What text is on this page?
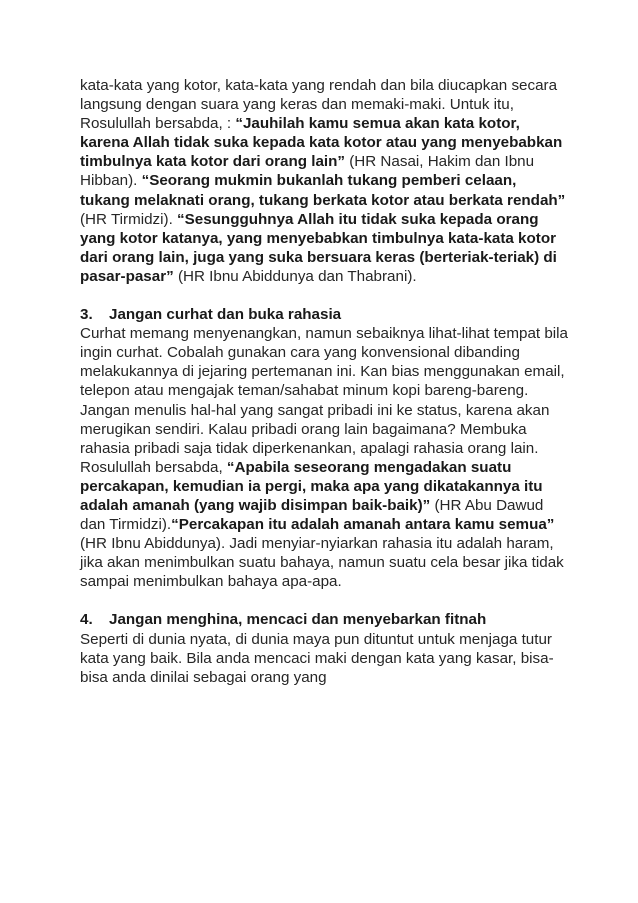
kata-kata yang kotor, kata-kata yang rendah dan bila diucapkan secara langsung dengan suara yang keras dan memaki-maki. Untuk itu, Rosulullah bersabda, : “Jauhilah kamu semua akan kata kotor, karena Allah tidak suka kepada kata kotor atau yang menyebabkan timbulnya kata kotor dari orang lain” (HR Nasai, Hakim dan Ibnu Hibban). “Seorang mukmin bukanlah tukang pemberi celaan, tukang melaknati orang, tukang berkata kotor atau berkata rendah” (HR Tirmidzi). “Sesungguhnya Allah itu tidak suka kepada orang yang kotor katanya, yang menyebabkan timbulnya kata-kata kotor dari orang lain, juga yang suka bersuara keras (berteriak-teriak) di pasar-pasar” (HR Ibnu Abiddunya dan Thabrani).

3. Jangan curhat dan buka rahasia

Curhat memang menyenangkan, namun sebaiknya lihat-lihat tempat bila ingin curhat. Cobalah gunakan cara yang konvensional dibanding melakukannya di jejaring pertemanan ini. Kan bias menggunakan email, telepon atau mengajak teman/sahabat minum kopi bareng-bareng. Jangan menulis hal-hal yang sangat pribadi ini ke status, karena akan merugikan sendiri. Kalau pribadi orang lain bagaimana? Membuka rahasia pribadi saja tidak diperkenankan, apalagi rahasia orang lain. Rosulullah bersabda, “Apabila seseorang mengadakan suatu percakapan, kemudian ia pergi, maka apa yang dikatakannya itu adalah amanah (yang wajib disimpan baik-baik)” (HR Abu Dawud dan Tirmidzi).“Percakapan itu adalah amanah antara kamu semua” (HR Ibnu Abiddunya). Jadi menyiar-nyiarkan rahasia itu adalah haram, jika akan menimbulkan suatu bahaya, namun suatu cela besar jika tidak sampai menimbulkan bahaya apa-apa.

4. Jangan menghina, mencaci dan menyebarkan fitnah

Seperti di dunia nyata, di dunia maya pun dituntut untuk menjaga tutur kata yang baik. Bila anda mencaci maki dengan kata yang kasar, bisa-bisa anda dinilai sebagai orang yang
